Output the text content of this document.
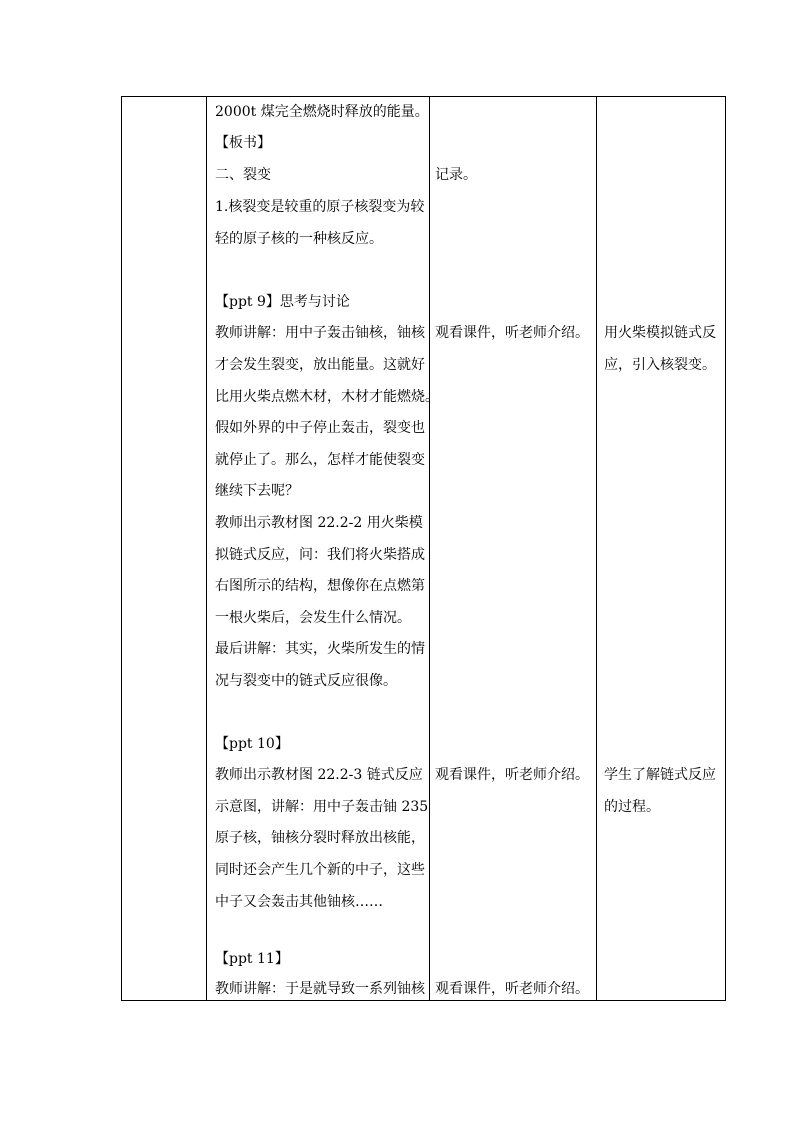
2000t 煤完全燃烧时释放的能量。
【板书】
二、裂变
1.核裂变是较重的原子核裂变为较
轻的原子核的一种核反应。
【ppt 9】思考与讨论
教师讲解：用中子轰击铀核，铀核
才会发生裂变，放出能量。这就好
比用火柴点燃木材，木材才能燃烧。
假如外界的中子停止轰击，裂变也
就停止了。那么，怎样才能使裂变
继续下去呢？
教师出示教材图 22.2-2 用火柴模
拟链式反应，问：我们将火柴搭成
右图所示的结构，想像你在点燃第
一根火柴后，会发生什么情况。
最后讲解：其实，火柴所发生的情
况与裂变中的链式反应很像。
【ppt 10】
教师出示教材图 22.2-3 链式反应
示意图，讲解：用中子轰击铀 235
原子核，铀核分裂时释放出核能，
同时还会产生几个新的中子，这些
中子又会轰击其他铀核……
【ppt 11】
教师讲解：于是就导致一系列铀核
记录。
观看课件，听老师介绍。
观看课件，听老师介绍。
观看课件，听老师介绍。
用火柴模拟链式反
应，引入核裂变。
学生了解链式反应
的过程。
